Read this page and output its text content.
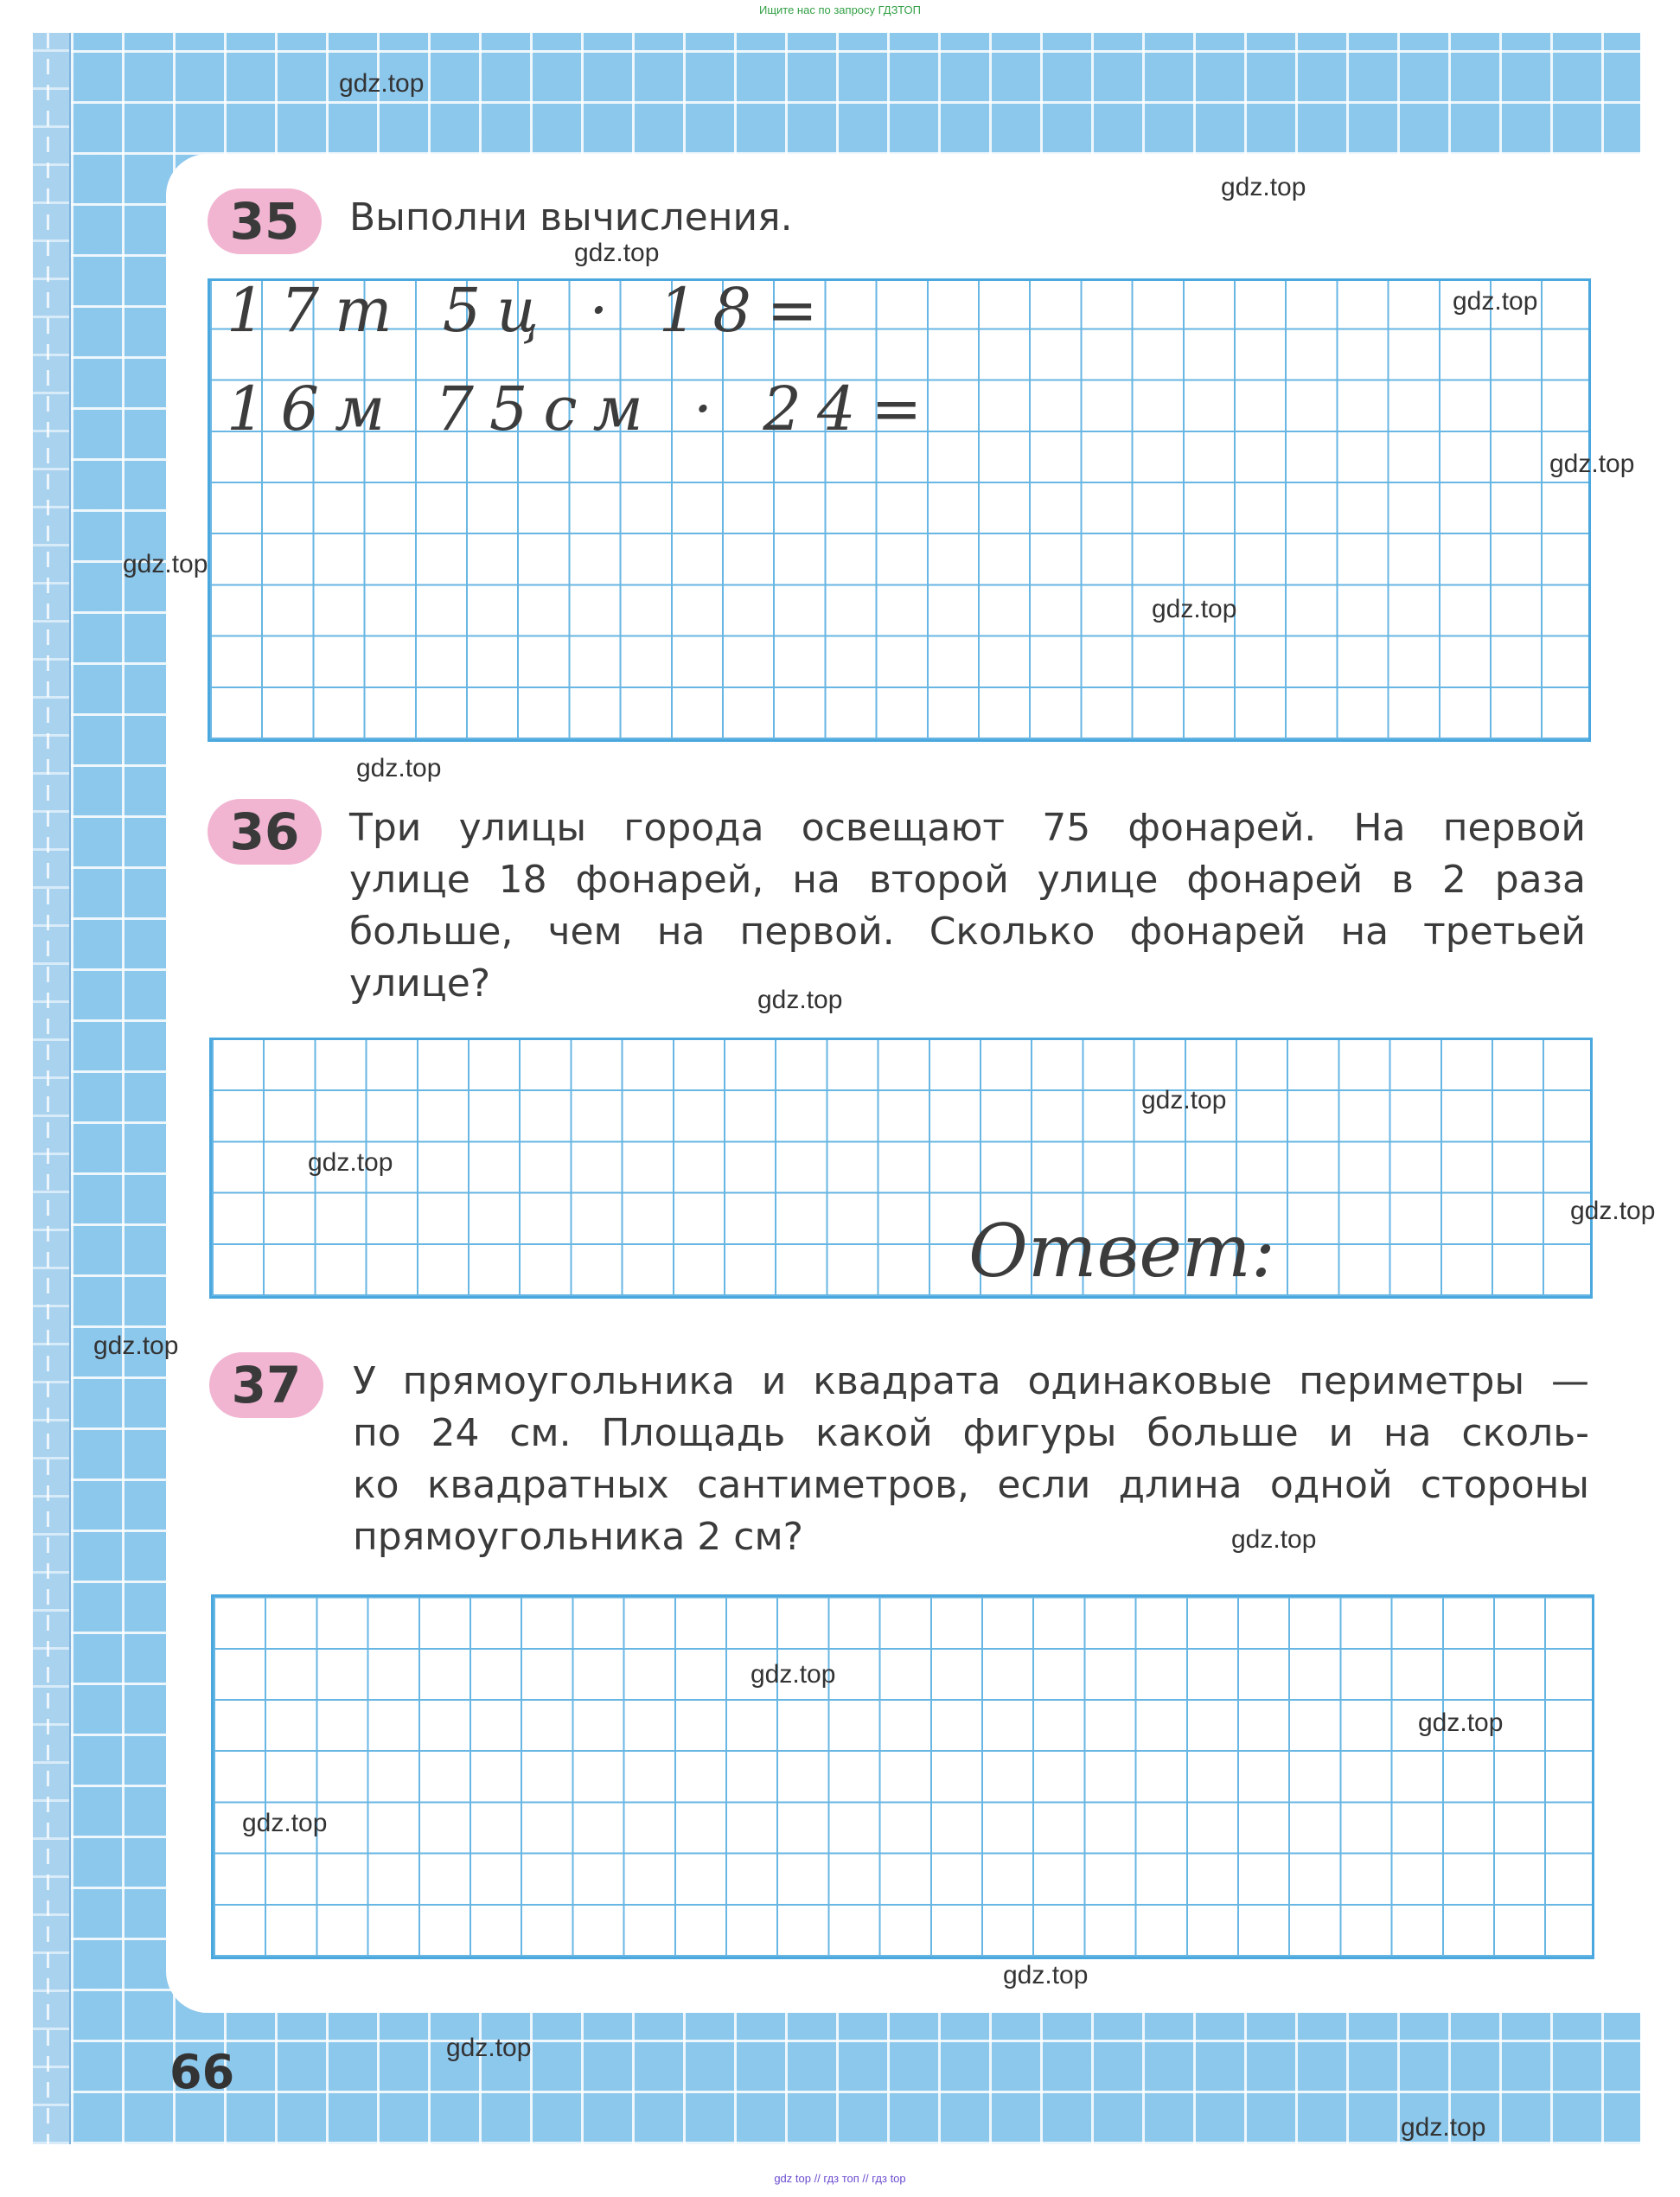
Ищите нас по запросу ГДЗТОП
35	Выполни вычисления.
17т 5ц · 18=
16м 75см · 24=
36	Три улицы города освещают 75 фонарей. На первой
улице 18 фонарей, на второй улице фонарей в 2 раза
больше, чем на первой. Сколько фонарей на третьей
улице?
Ответ:
37	У прямоугольника и квадрата одинаковые периметры —
по 24 см. Площадь какой фигуры больше и на сколь-
ко квадратных сантиметров, если длина одной стороны
прямоугольника 2 см?
66
gdz.top
gdz.top
gdz.top
gdz.top
gdz.top
gdz.top
gdz.top
gdz.top
gdz.top
gdz.top
gdz.top
gdz.top
gdz.top
gdz.top
gdz.top
gdz.top
gdz.top
gdz.top
gdz.top
gdz.top
gdz top // гдз топ // гдз top
